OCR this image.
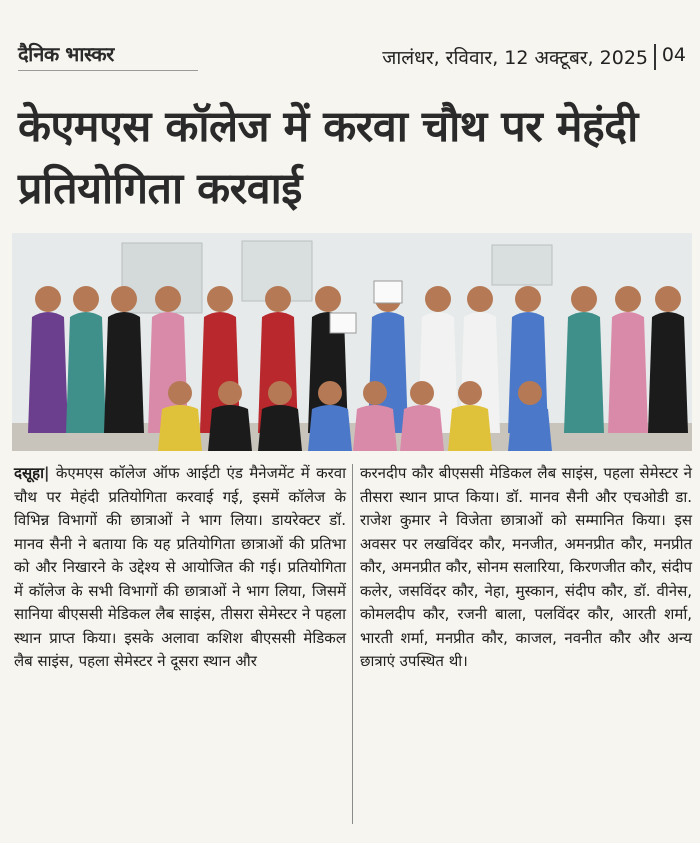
दैनिक भास्कर	जालंधर, रविवार, 12 अक्टूबर, 2025 04
केएमएस कॉलेज में करवा चौथ पर मेहंदी प्रतियोगिता करवाई
दसूहा| केएमएस कॉलेज ऑफ आईटी एंड मैनेजमेंट में करवा चौथ पर मेहंदी प्रतियोगिता करवाई गई, इसमें कॉलेज के विभिन्न विभागों की छात्राओं ने भाग लिया। डायरेक्टर डॉ. मानव सैनी ने बताया कि यह प्रतियोगिता छात्राओं की प्रतिभा को और निखारने के उद्देश्य से आयोजित की गई। प्रतियोगिता में कॉलेज के सभी विभागों की छात्राओं ने भाग लिया, जिसमें सानिया बीएससी मेडिकल लैब साइंस, तीसरा सेमेस्टर ने पहला स्थान प्राप्त किया। इसके अलावा कशिश बीएससी मेडिकल लैब साइंस, पहला सेमेस्टर ने दूसरा स्थान और
करनदीप कौर बीएससी मेडिकल लैब साइंस, पहला सेमेस्टर ने तीसरा स्थान प्राप्त किया। डॉ. मानव सैनी और एचओडी डा. राजेश कुमार ने विजेता छात्राओं को सम्मानित किया। इस अवसर पर लखविंदर कौर, मनजीत, अमनप्रीत कौर, मनप्रीत कौर, अमनप्रीत कौर, सोनम सलारिया, किरणजीत कौर, संदीप कलेर, जसविंदर कौर, नेहा, मुस्कान, संदीप कौर, डॉ. वीनेस, कोमलदीप कौर, रजनी बाला, पलविंदर कौर, आरती शर्मा, भारती शर्मा, मनप्रीत कौर, काजल, नवनीत कौर और अन्य छात्राएं उपस्थित थी।
